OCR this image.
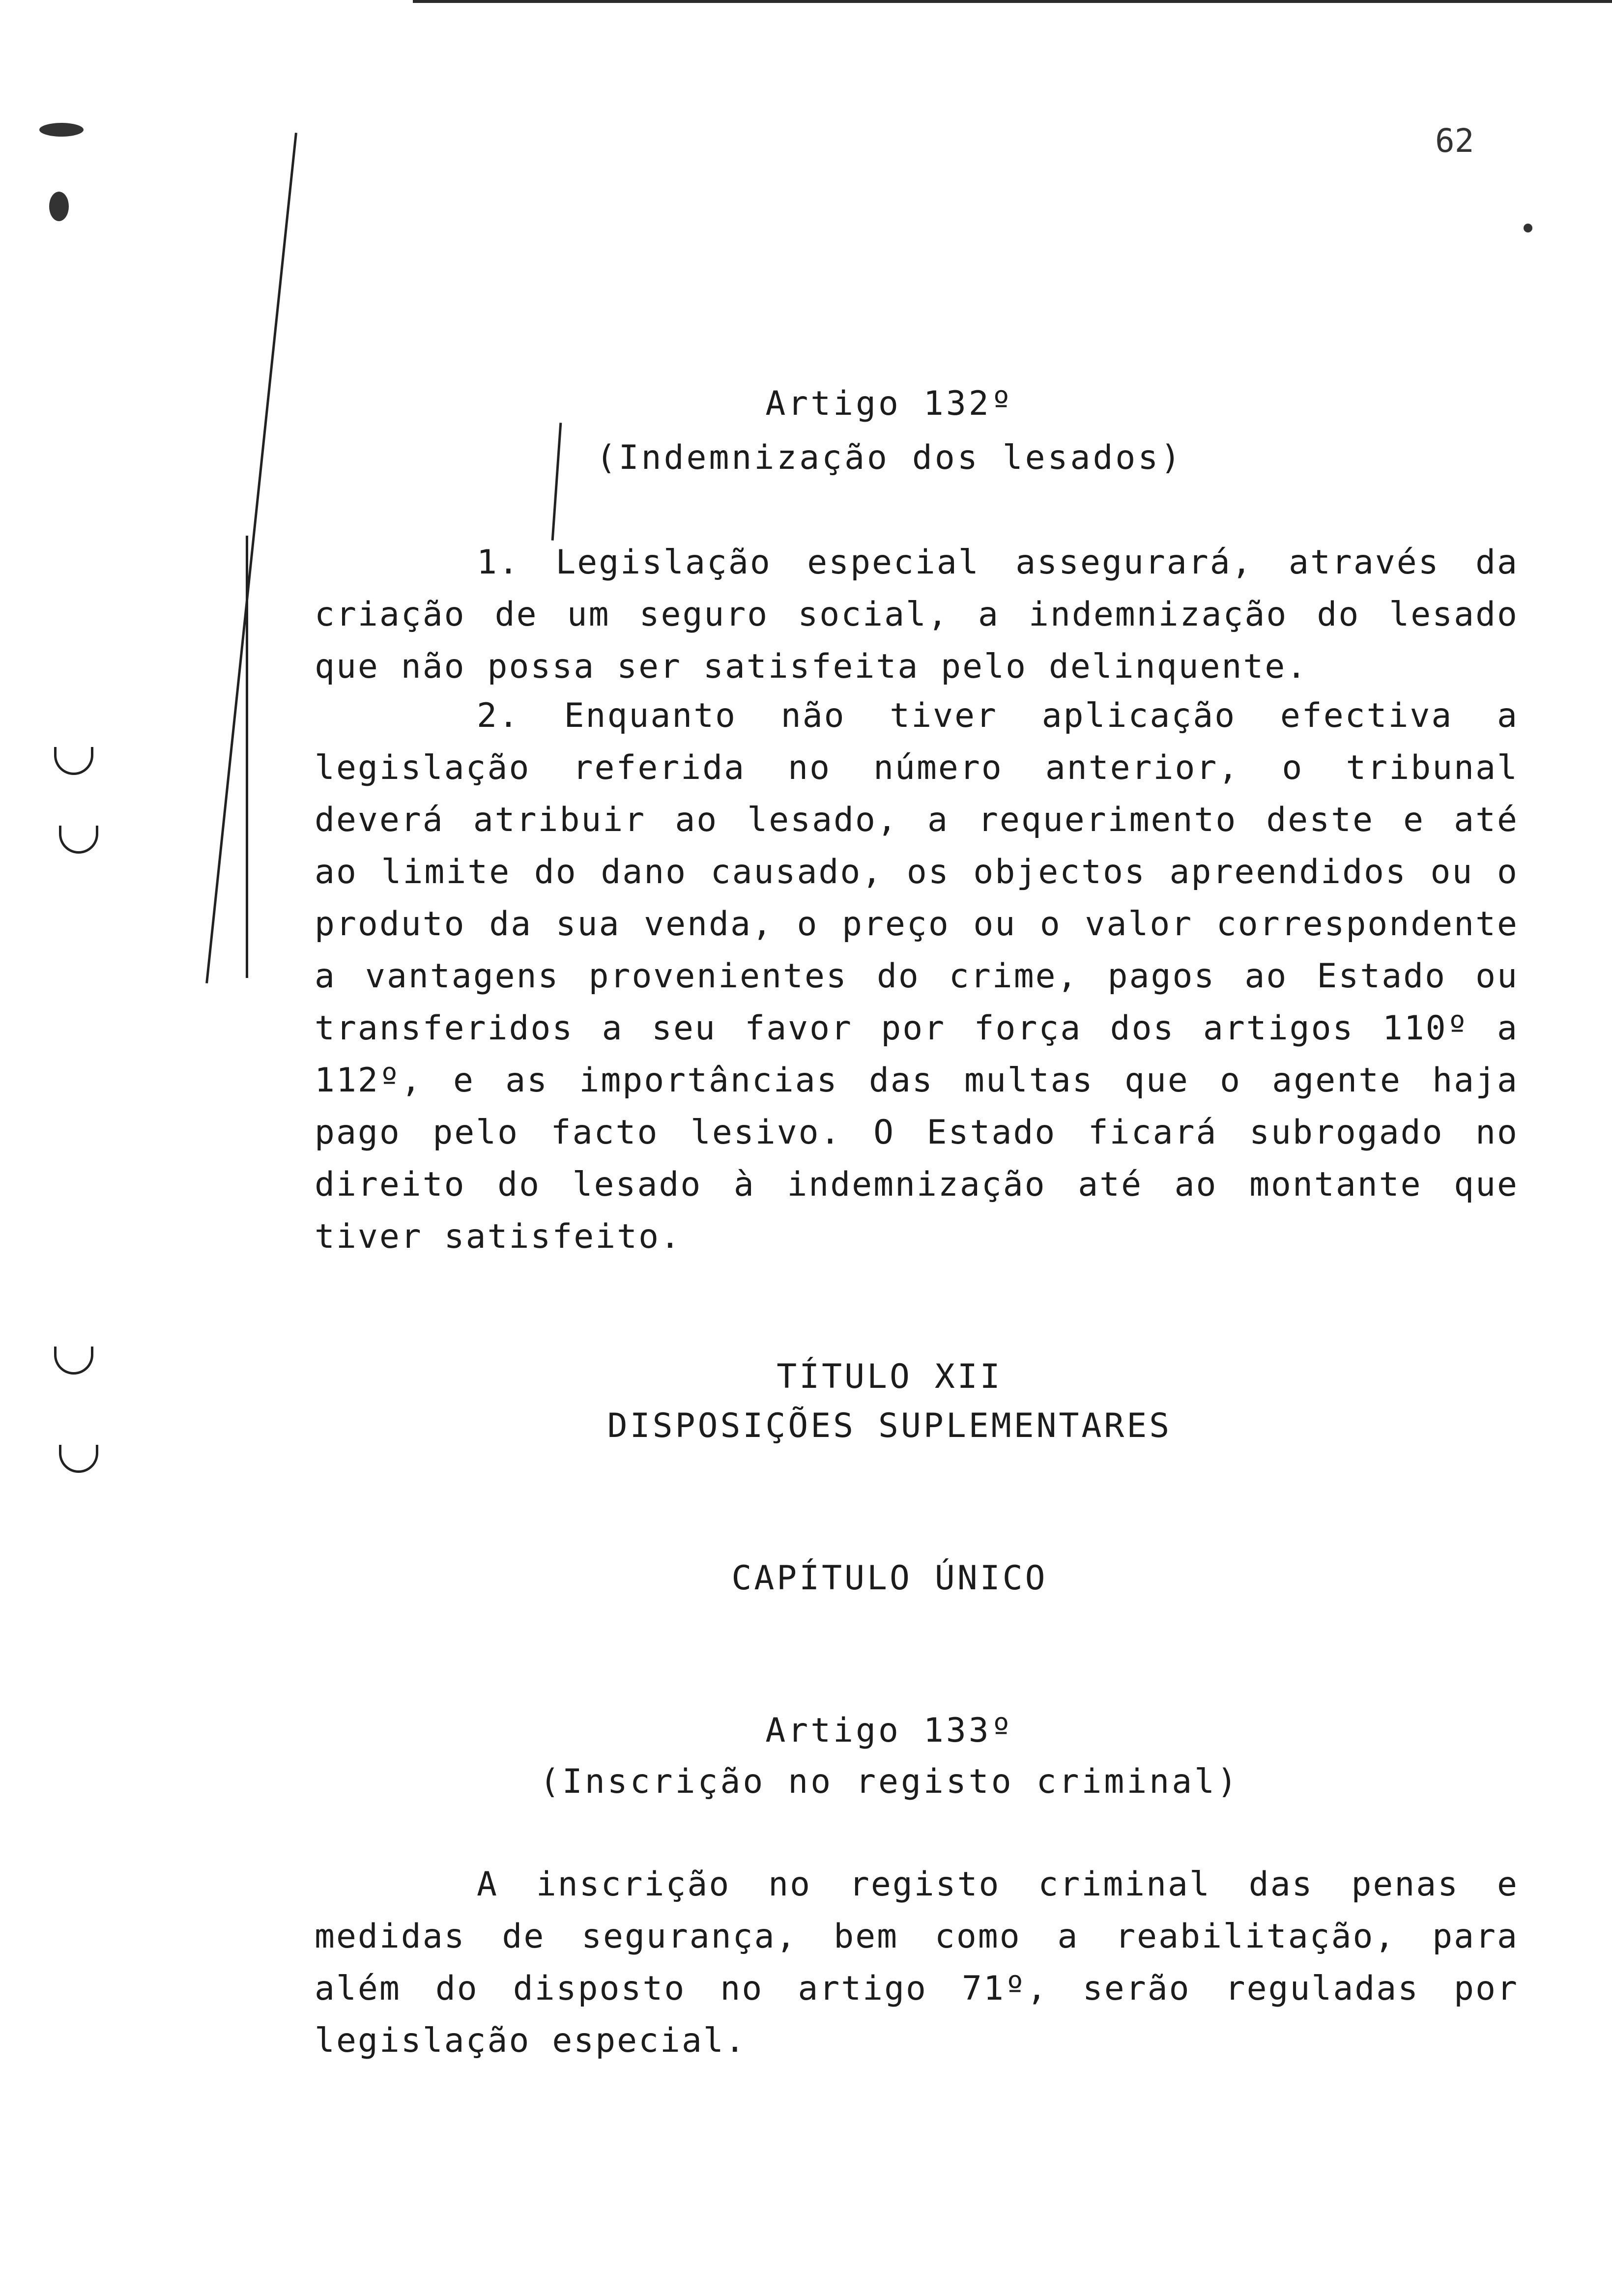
62
Artigo 132º
(Indemnização dos lesados)

1. Legislação especial assegurará, através da criação de um seguro social, a indemnização do lesado que não possa ser satisfeita pelo delinquente.

2. Enquanto não tiver aplicação efectiva a legislação referida no número anterior, o tribunal deverá atribuir ao lesado, a requerimento deste e até ao limite do dano causado, os objectos apreendidos ou o produto da sua venda, o preço ou o valor correspondente a vantagens provenientes do crime, pagos ao Estado ou transferidos a seu favor por força dos artigos 110º a 112º, e as importâncias das multas que o agente haja pago pelo facto lesivo. O Estado ficará subrogado no direito do lesado à indemnização até ao montante que tiver satisfeito.

TÍTULO XII
DISPOSIÇÕES SUPLEMENTARES
CAPÍTULO ÚNICO
Artigo 133º
(Inscrição no registo criminal)

A inscrição no registo criminal das penas e medidas de segurança, bem como a reabilitação, para além do disposto no artigo 71º, serão reguladas por legislação especial.
